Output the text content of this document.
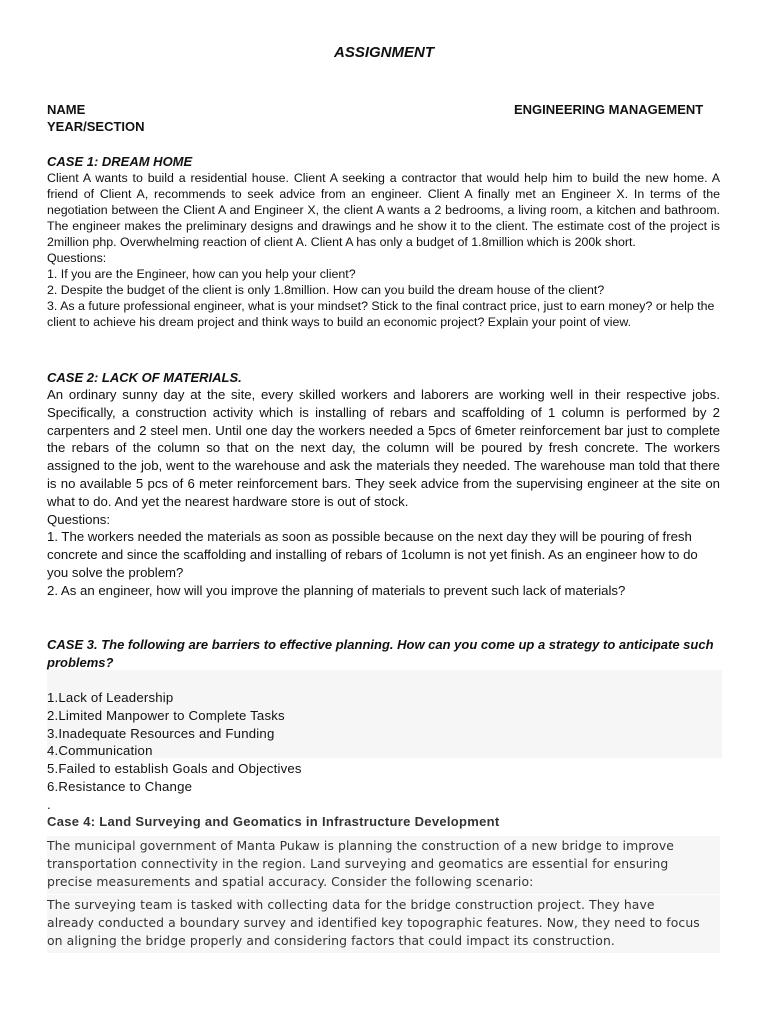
ASSIGNMENT
NAME	ENGINEERING MANAGEMENT
YEAR/SECTION
CASE 1: DREAM HOME
Client A wants to build a residential house. Client A seeking a contractor that would help him to build the new home. A friend of Client A, recommends to seek advice from an engineer. Client A finally met an Engineer X. In terms of the negotiation between the Client A and Engineer X, the client A wants a 2 bedrooms, a living room, a kitchen and bathroom. The engineer makes the preliminary designs and drawings and he show it to the client. The estimate cost of the project is 2million php. Overwhelming reaction of client A. Client A has only a budget of 1.8million which is 200k short.
Questions:
1. If you are the Engineer, how can you help your client?
2. Despite the budget of the client is only 1.8million. How can you build the dream house of the client?
3. As a future professional engineer, what is your mindset? Stick to the final contract price, just to earn money? or help the client to achieve his dream project and think ways to build an economic project? Explain your point of view.
CASE 2: LACK OF MATERIALS.
An ordinary sunny day at the site, every skilled workers and laborers are working well in their respective jobs. Specifically, a construction activity which is installing of rebars and scaffolding of 1 column is performed by 2 carpenters and 2 steel men. Until one day the workers needed a 5pcs of 6meter reinforcement bar just to complete the rebars of the column so that on the next day, the column will be poured by fresh concrete. The workers assigned to the job, went to the warehouse and ask the materials they needed. The warehouse man told that there is no available 5 pcs of 6 meter reinforcement bars. They seek advice from the supervising engineer at the site on what to do. And yet the nearest hardware store is out of stock.
Questions:
1. The workers needed the materials as soon as possible because on the next day they will be pouring of fresh concrete and since the scaffolding and installing of rebars of 1column is not yet finish. As an engineer how to do you solve the problem?
2. As an engineer, how will you improve the planning of materials to prevent such lack of materials?
CASE 3. The following are barriers to effective planning. How can you come up a strategy to anticipate such problems?
1.Lack of Leadership
2.Limited Manpower to Complete Tasks
3.Inadequate Resources and Funding
4.Communication
5.Failed to establish Goals and Objectives
6.Resistance to Change
.
Case 4: Land Surveying and Geomatics in Infrastructure Development
The municipal government of Manta Pukaw is planning the construction of a new bridge to improve
transportation connectivity in the region. Land surveying and geomatics are essential for ensuring
precise measurements and spatial accuracy. Consider the following scenario:
The surveying team is tasked with collecting data for the bridge construction project. They have
already conducted a boundary survey and identified key topographic features. Now, they need to focus
on aligning the bridge properly and considering factors that could impact its construction.
